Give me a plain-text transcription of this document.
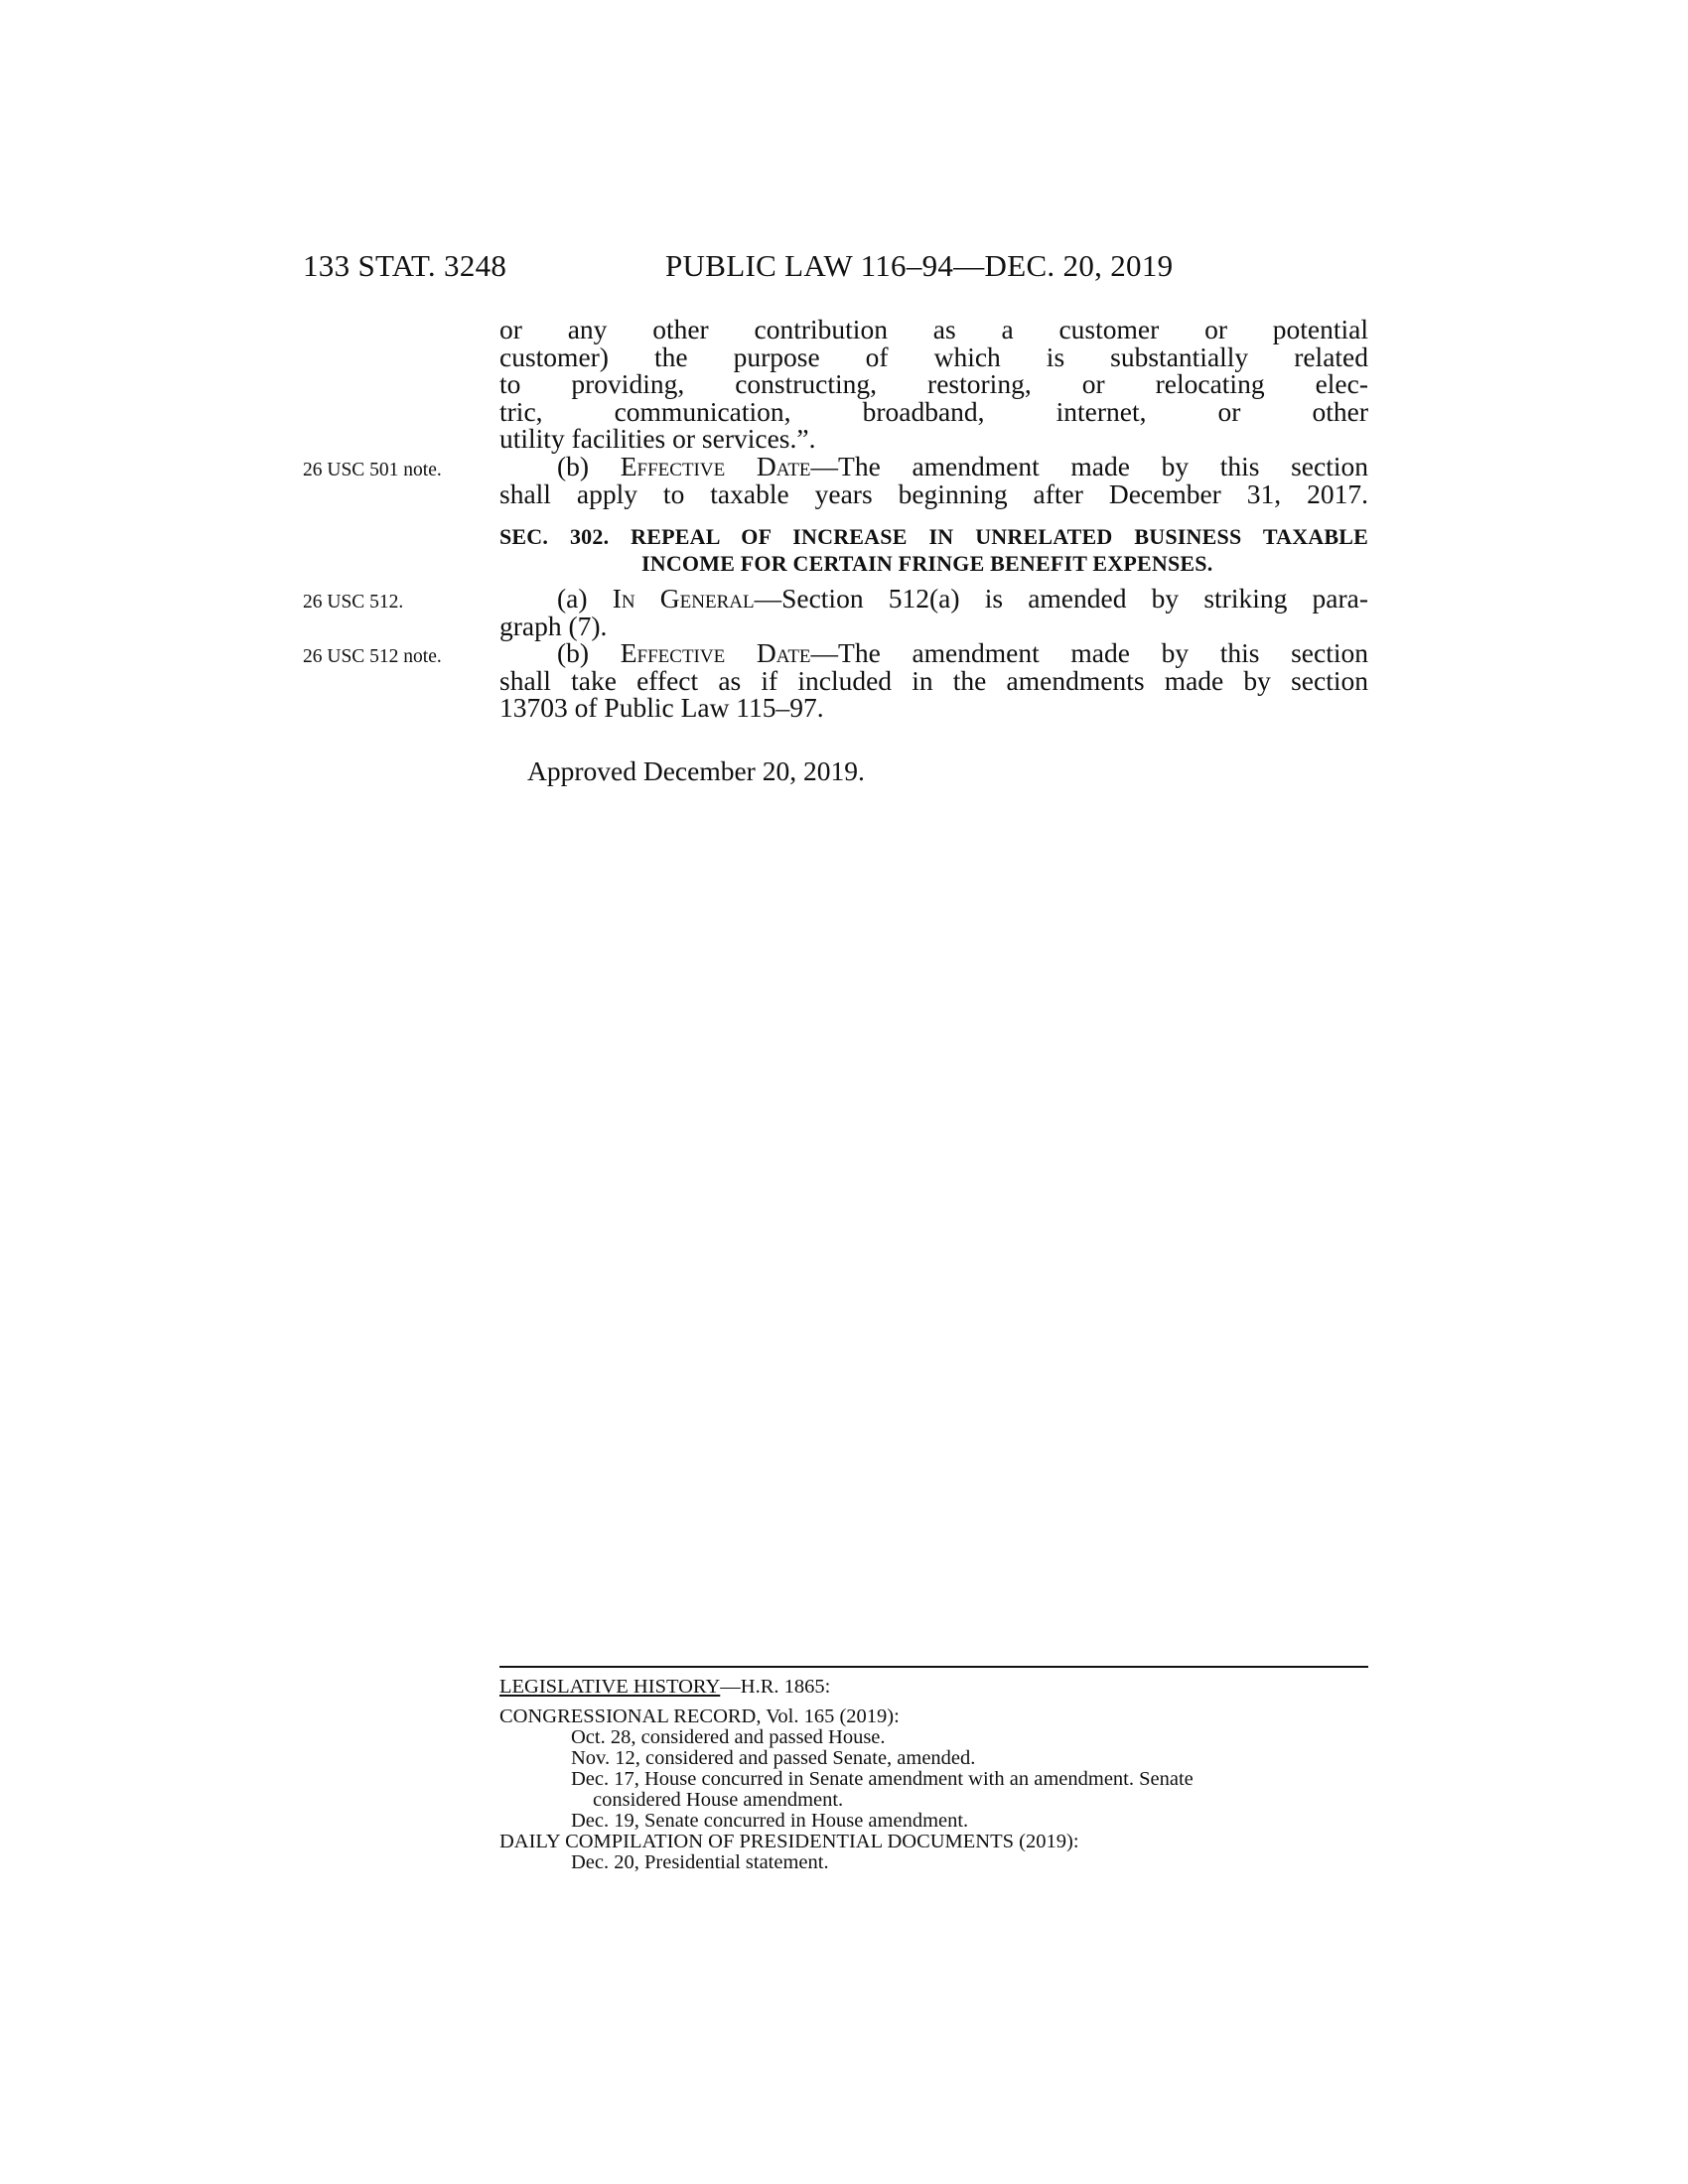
133 STAT. 3248	PUBLIC LAW 116–94—DEC. 20, 2019
or any other contribution as a customer or potential
customer) the purpose of which is substantially related
to providing, constructing, restoring, or relocating elec-
tric, communication, broadband, internet, or other
utility facilities or services.”.
26 USC 501 note.	(b) Effective Date—The amendment made by this section
shall apply to taxable years beginning after December 31, 2017.
SEC. 302. REPEAL OF INCREASE IN UNRELATED BUSINESS TAXABLE
INCOME FOR CERTAIN FRINGE BENEFIT EXPENSES.
26 USC 512.	(a) In General—Section 512(a) is amended by striking para-
graph (7).
26 USC 512 note.	(b) Effective Date—The amendment made by this section
shall take effect as if included in the amendments made by section
13703 of Public Law 115–97.
Approved December 20, 2019.
LEGISLATIVE HISTORY—H.R. 1865:
CONGRESSIONAL RECORD, Vol. 165 (2019):
Oct. 28, considered and passed House.
Nov. 12, considered and passed Senate, amended.
Dec. 17, House concurred in Senate amendment with an amendment. Senate
considered House amendment.
Dec. 19, Senate concurred in House amendment.
DAILY COMPILATION OF PRESIDENTIAL DOCUMENTS (2019):
Dec. 20, Presidential statement.
